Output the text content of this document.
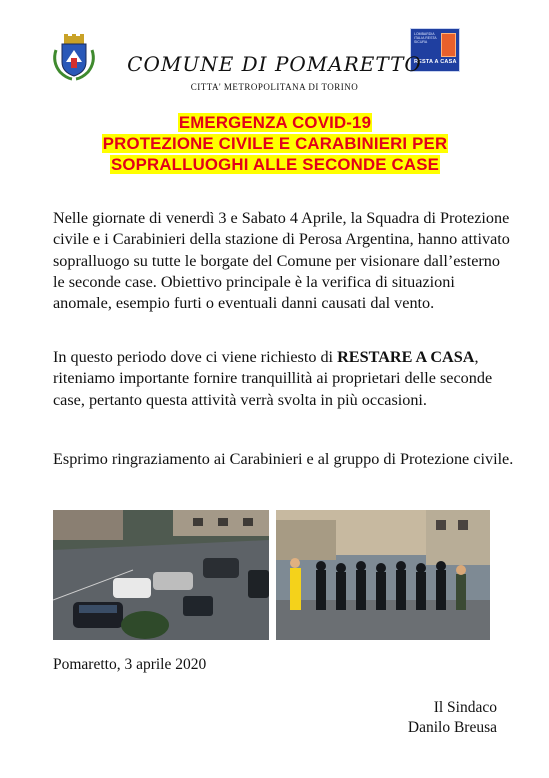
LOMBARDIA ITALIA RESTA SICURA
RESTA A CASA
COMUNE DI POMARETTO
CITTA' METROPOLITANA DI TORINO
EMERGENZA COVID-19
PROTEZIONE CIVILE E CARABINIERI PER
SOPRALLUOGHI ALLE SECONDE CASE
Nelle giornate di venerdì 3 e Sabato 4 Aprile, la Squadra di Protezione civile e i Carabinieri della stazione di Perosa Argentina, hanno attivato sopralluogo su tutte le borgate del Comune per visionare dall’esterno le seconde case. Obiettivo principale è la verifica di situazioni anomale, esempio furti o eventuali danni causati dal vento.
In questo periodo dove ci viene richiesto di RESTARE A CASA, riteniamo importante fornire tranquillità ai proprietari delle seconde case, pertanto questa attività verrà svolta in più occasioni.
Esprimo ringraziamento ai Carabinieri e al gruppo di Protezione civile.
Pomaretto, 3 aprile 2020
Il Sindaco
Danilo Breusa
